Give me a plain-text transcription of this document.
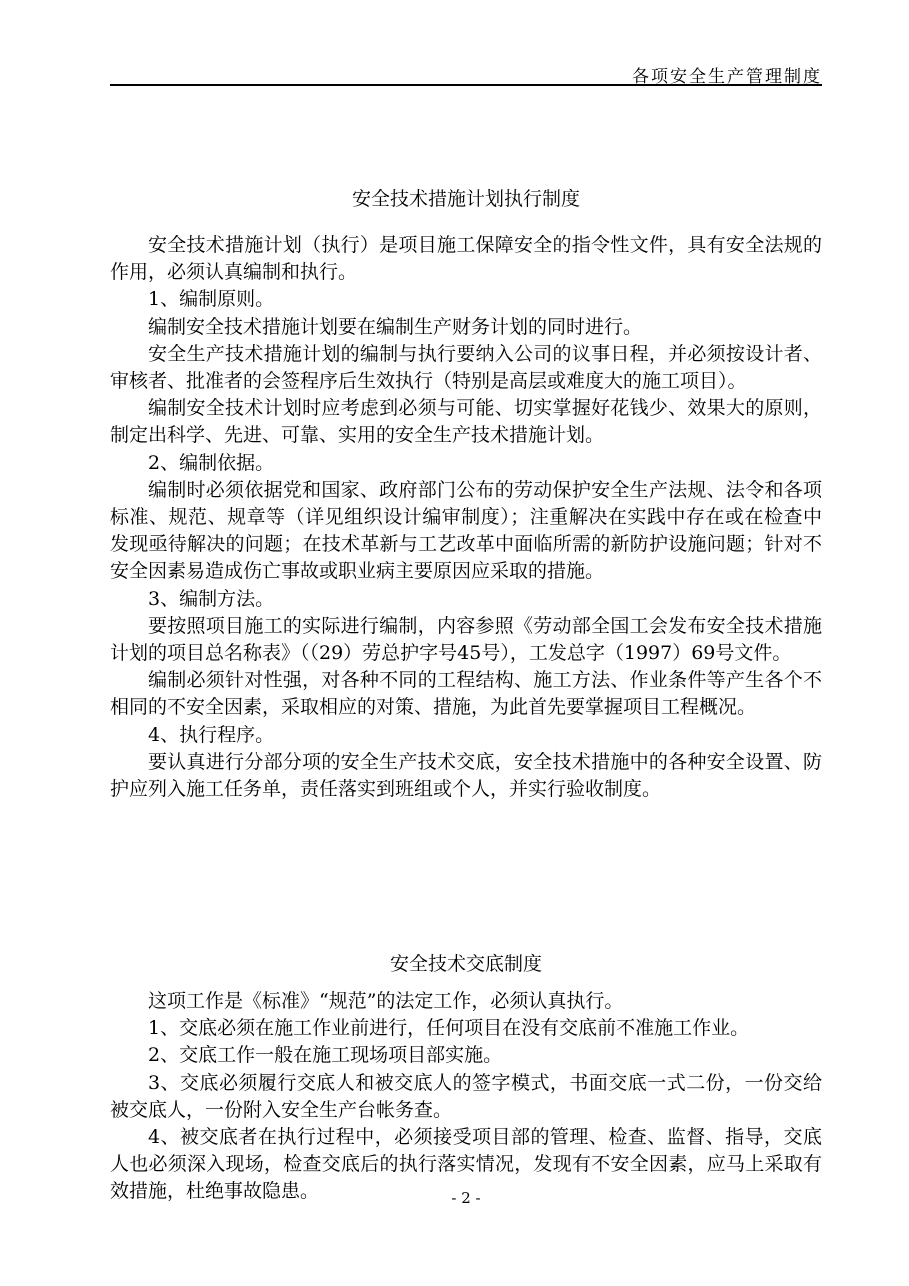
各项安全生产管理制度
安全技术措施计划执行制度

安全技术措施计划（执行）是项目施工保障安全的指令性文件，具有安全法规的作用，必须认真编制和执行。

1、编制原则。

编制安全技术措施计划要在编制生产财务计划的同时进行。

安全生产技术措施计划的编制与执行要纳入公司的议事日程，并必须按设计者、审核者、批准者的会签程序后生效执行（特别是高层或难度大的施工项目）。

编制安全技术计划时应考虑到必须与可能、切实掌握好花钱少、效果大的原则，制定出科学、先进、可靠、实用的安全生产技术措施计划。

2、编制依据。

编制时必须依据党和国家、政府部门公布的劳动保护安全生产法规、法令和各项标准、规范、规章等（详见组织设计编审制度）；注重解决在实践中存在或在检查中发现亟待解决的问题；在技术革新与工艺改革中面临所需的新防护设施问题；针对不安全因素易造成伤亡事故或职业病主要原因应采取的措施。

3、编制方法。

要按照项目施工的实际进行编制，内容参照《劳动部全国工会发布安全技术措施计划的项目总名称表》（（29）劳总护字号45号），工发总字（1997）69号文件。

编制必须针对性强，对各种不同的工程结构、施工方法、作业条件等产生各个不相同的不安全因素，采取相应的对策、措施，为此首先要掌握项目工程概况。

4、执行程序。

要认真进行分部分项的安全生产技术交底，安全技术措施中的各种安全设置、防护应列入施工任务单，责任落实到班组或个人，并实行验收制度。

安全技术交底制度

这项工作是《标准》“规范”的法定工作，必须认真执行。

1、交底必须在施工作业前进行，任何项目在没有交底前不准施工作业。

2、交底工作一般在施工现场项目部实施。

3、交底必须履行交底人和被交底人的签字模式，书面交底一式二份，一份交给被交底人，一份附入安全生产台帐务查。

4、被交底者在执行过程中，必须接受项目部的管理、检查、监督、指导，交底人也必须深入现场，检查交底后的执行落实情况，发现有不安全因素，应马上采取有效措施，杜绝事故隐患。	- 2 -
